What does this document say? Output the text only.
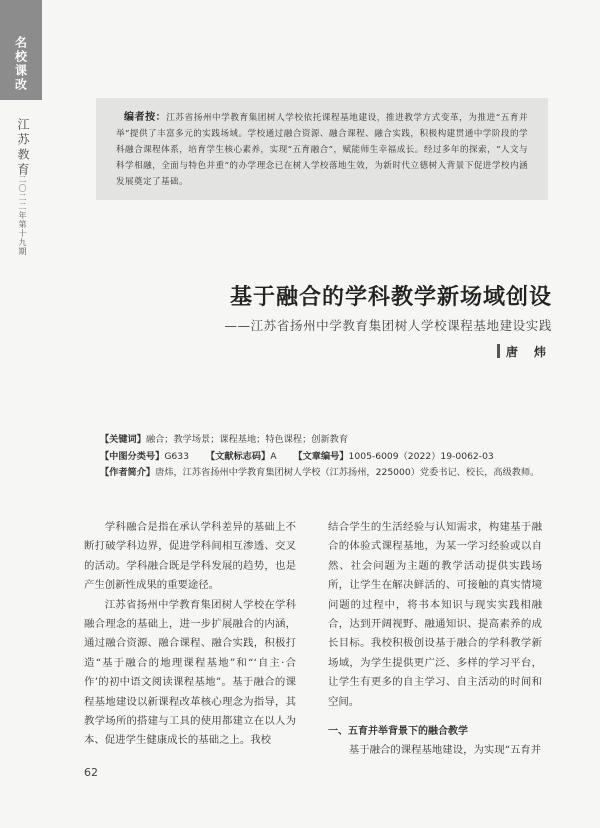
名校课改
江苏教育
二〇二二年第十九期
编者按：江苏省扬州中学教育集团树人学校依托课程基地建设，推进教学方式变革，为推进“五育并举”提供了丰富多元的实践场域。学校通过融合资源、融合课程、融合实践，积极构建贯通中学阶段的学科融合课程体系，培育学生核心素养，实现“五育融合”，赋能师生幸福成长。经过多年的探索，“人文与科学相融，全面与特色并重”的办学理念已在树人学校落地生效，为新时代立德树人背景下促进学校内涵发展奠定了基础。
基于融合的学科教学新场域创设
——江苏省扬州中学教育集团树人学校课程基地建设实践
唐 炜
【关键词】融合；教学场景；课程基地；特色课程；创新教育
【中图分类号】G633 【文献标志码】A 【文章编号】1005-6009（2022）19-0062-03
【作者简介】唐炜，江苏省扬州中学教育集团树人学校（江苏扬州，225000）党委书记、校长，高级教师。

学科融合是指在承认学科差异的基础上不断打破学科边界，促进学科间相互渗透、交叉的活动。学科融合既是学科发展的趋势，也是产生创新性成果的重要途径。

江苏省扬州中学教育集团树人学校在学科融合理念的基础上，进一步扩展融合的内涵，通过融合资源、融合课程、融合实践，积极打造“基于融合的地理课程基地”和“‘自主·合作’的初中语文阅读课程基地”。基于融合的课程基地建设以新课程改革核心理念为指导，其教学场所的搭建与工具的使用都建立在以人为本、促进学生健康成长的基础之上。我校

结合学生的生活经验与认知需求，构建基于融合的体验式课程基地，为某一学习经验或以自然、社会问题为主题的教学活动提供实践场所，让学生在解决鲜活的、可接触的真实情境问题的过程中，将书本知识与现实实践相融合，达到开阔视野、融通知识、提高素养的成长目标。我校积极创设基于融合的学科教学新场域，为学生提供更广泛、多样的学习平台，让学生有更多的自主学习、自主活动的时间和空间。

一、五育并举背景下的融合教学

基于融合的课程基地建设，为实现“五育并

62
